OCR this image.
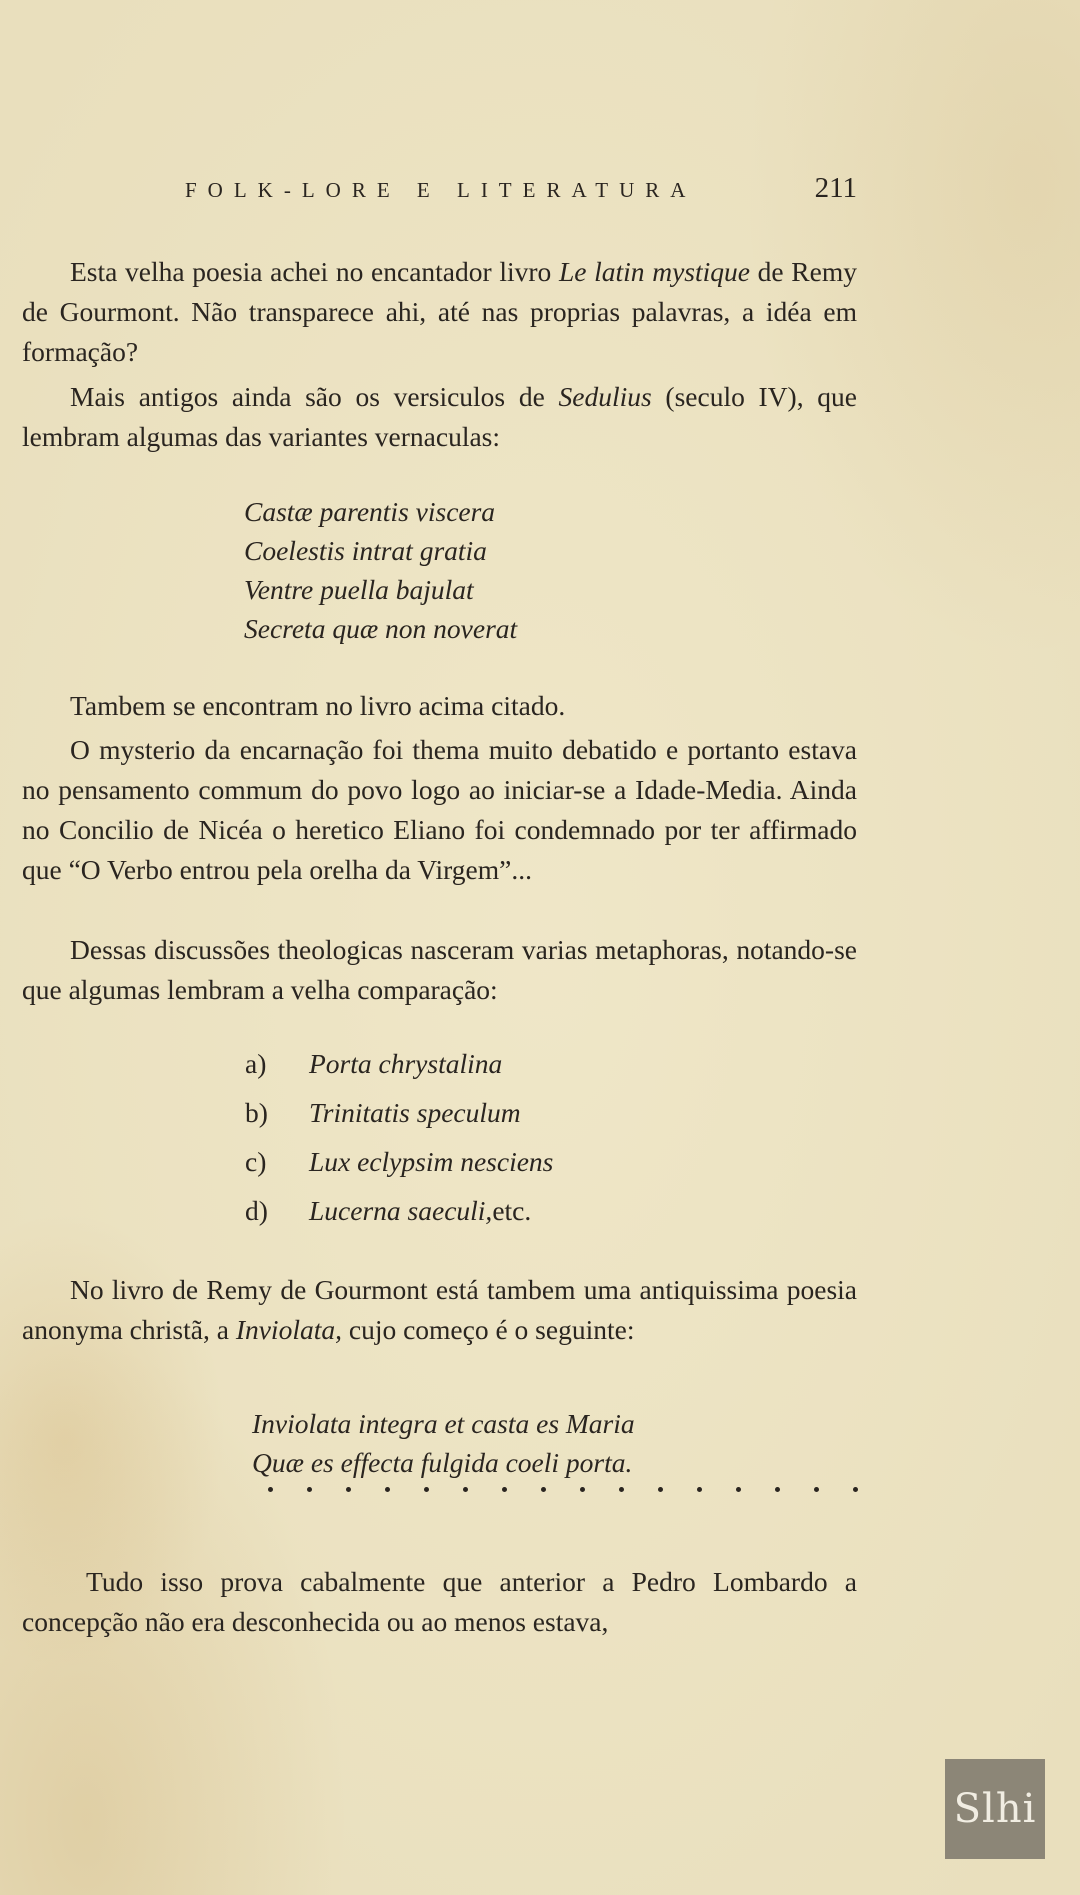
FOLK-LORE E LITERATURA	211

Esta velha poesia achei no encantador livro Le latin mystique de Remy de Gourmont. Não transparece ahi, até nas proprias palavras, a idéa em formação?

Mais antigos ainda são os versiculos de Sedulius (seculo IV), que lembram algumas das variantes vernaculas:

Castæ parentis viscera
Coelestis intrat gratia
Ventre puella bajulat
Secreta quæ non noverat

Tambem se encontram no livro acima citado.

O mysterio da encarnação foi thema muito debatido e portanto estava no pensamento commum do povo logo ao iniciar-se a Idade-Media. Ainda no Concilio de Nicéa o heretico Eliano foi condemnado por ter affirmado que “O Verbo entrou pela orelha da Virgem”...

Dessas discussões theologicas nasceram varias metaphoras, notando-se que algumas lembram a velha comparação:

a)	Porta chrystalina
b)	Trinitatis speculum
c)	Lux eclypsim nesciens
d)	Lucerna saeculi, etc.

No livro de Remy de Gourmont está tambem uma antiquissima poesia anonyma christã, a Inviolata, cujo começo é o seguinte:

Inviolata integra et casta es Maria
Quæ es effecta fulgida coeli porta.

Tudo isso prova cabalmente que anterior a Pedro Lombardo a concepção não era desconhecida ou ao menos estava,

Slhi
